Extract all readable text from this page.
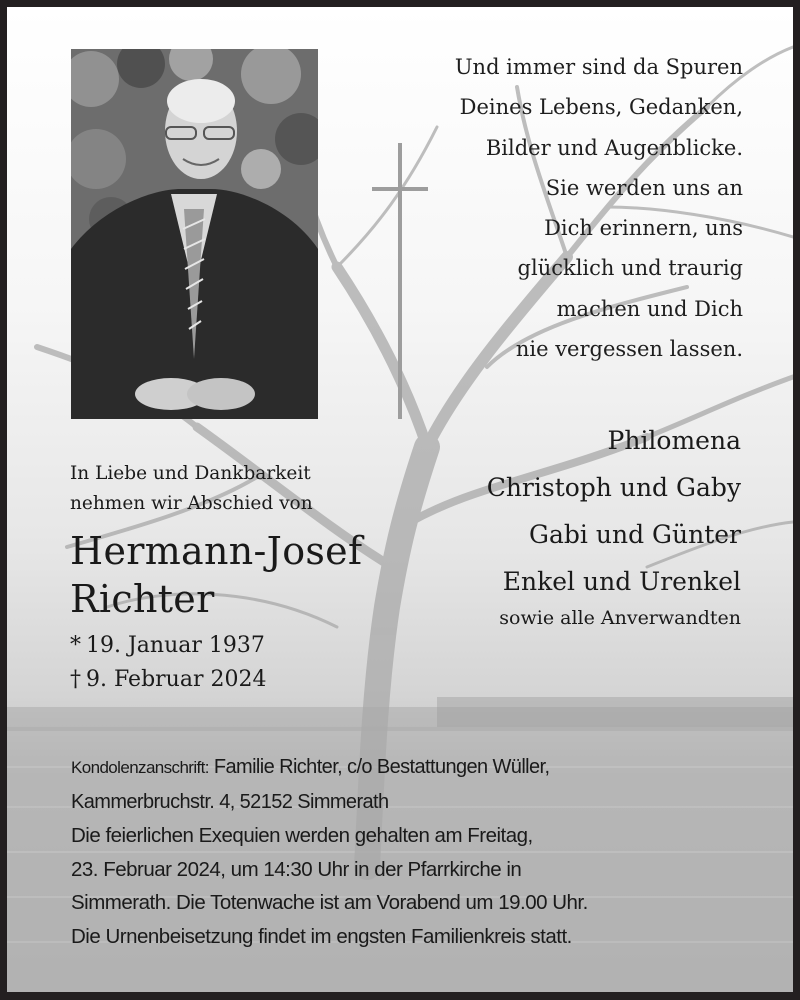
Und immer sind da Spuren
Deines Lebens, Gedanken,
Bilder und Augenblicke.
Sie werden uns an
Dich erinnern, uns
glücklich und traurig
machen und Dich
nie vergessen lassen.
Philomena
Christoph und Gaby
Gabi und Günter
Enkel und Urenkel
sowie alle Anverwandten
In Liebe und Dankbarkeit
nehmen wir Abschied von
Hermann-Josef
Richter
* 19. Januar 1937
† 9. Februar 2024
Kondolenzanschrift: Familie Richter, c/o Bestattungen Wüller,
Kammerbruchstr. 4, 52152 Simmerath
Die feierlichen Exequien werden gehalten am Freitag,
23. Februar 2024, um 14:30 Uhr in der Pfarrkirche in
Simmerath. Die Totenwache ist am Vorabend um 19.00 Uhr.
Die Urnenbeisetzung findet im engsten Familienkreis statt.
